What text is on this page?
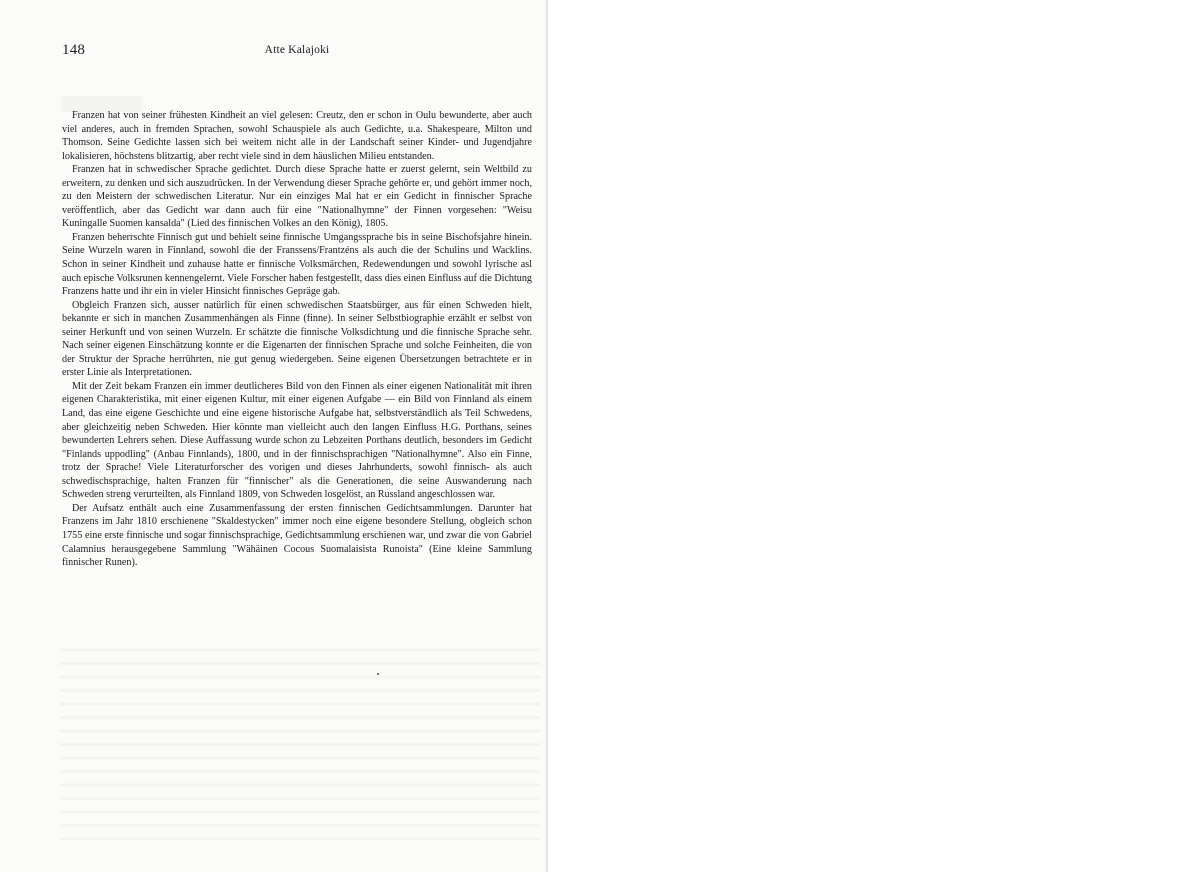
148	Atte Kalajoki

Franzen hat von seiner frühesten Kindheit an viel gelesen: Creutz, den er schon in Oulu bewunderte, aber auch viel anderes, auch in fremden Sprachen, sowohl Schauspiele als auch Gedichte, u.a. Shakespeare, Milton und Thomson. Seine Gedichte lassen sich bei weitem nicht alle in der Landschaft seiner Kinder- und Jugendjahre lokalisieren, höchstens blitzartig, aber recht viele sind in dem häuslichen Milieu entstanden.

Franzen hat in schwedischer Sprache gedichtet. Durch diese Sprache hatte er zuerst gelernt, sein Weltbild zu erweitern, zu denken und sich auszudrücken. In der Verwendung dieser Sprache gehörte er, und gehört immer noch, zu den Meistern der schwedischen Literatur. Nur ein einziges Mal hat er ein Gedicht in finnischer Sprache veröffentlich, aber das Gedicht war dann auch für eine "Nationalhymne" der Finnen vorgesehen: "Weisu Kuningalle Suomen kansalda" (Lied des finnischen Volkes an den König), 1805.

Franzen beherrschte Finnisch gut und behielt seine finnische Umgangssprache bis in seine Bischofsjahre hinein. Seine Wurzeln waren in Finnland, sowohl die der Franssens/Frantzéns als auch die der Schulins und Wacklins. Schon in seiner Kindheit und zuhause hatte er finnische Volksmärchen, Redewendungen und sowohl lyrische asl auch epische Volksrunen kennengelernt. Viele Forscher haben festgestellt, dass dies einen Einfluss auf die Dichtung Franzens hatte und ihr ein in vieler Hinsicht finnisches Gepräge gab.

Obgleich Franzen sich, ausser natürlich für einen schwedischen Staatsbürger, aus für einen Schweden hielt, bekannte er sich in manchen Zusammenhängen als Finne (finne). In seiner Selbstbiographie erzählt er selbst von seiner Herkunft und von seinen Wurzeln. Er schätzte die finnische Volksdichtung und die finnische Sprache sehr. Nach seiner eigenen Einschätzung konnte er die Eigenarten der finnischen Sprache und solche Feinheiten, die von der Struktur der Sprache herrührten, nie gut genug wiedergeben. Seine eigenen Übersetzungen betrachtete er in erster Linie als Interpretationen.

Mit der Zeit bekam Franzen ein immer deutlicheres Bild von den Finnen als einer eigenen Nationalität mit ihren eigenen Charakteristika, mit einer eigenen Kultur, mit einer eigenen Aufgabe — ein Bild von Finnland als einem Land, das eine eigene Geschichte und eine eigene historische Aufgabe hat, selbstverständlich als Teil Schwedens, aber gleichzeitig neben Schweden. Hier könnte man vielleicht auch den langen Einfluss H.G. Porthans, seines bewunderten Lehrers sehen. Diese Auffassung wurde schon zu Lebzeiten Porthans deutlich, besonders im Gedicht "Finlands uppodling" (Anbau Finnlands), 1800, und in der finnischsprachigen "Nationalhymne". Also ein Finne, trotz der Sprache! Viele Literaturforscher des vorigen und dieses Jahrhunderts, sowohl finnisch- als auch schwedischsprachige, halten Franzen für "finnischer" als die Generationen, die seine Auswanderung nach Schweden streng verurteilten, als Finnland 1809, von Schweden losgelöst, an Russland angeschlossen war.

Der Aufsatz enthält auch eine Zusammenfassung der ersten finnischen Gedichtsammlungen. Darunter hat Franzens im Jahr 1810 erschienene "Skaldestycken" immer noch eine eigene besondere Stellung, obgleich schon 1755 eine erste finnische und sogar finnischsprachige, Gedichtsammlung erschienen war, und zwar die von Gabriel Calamnius herausgegebene Sammlung "Wähäinen Cocous Suomalaisista Runoista" (Eine kleine Sammlung finnischer Runen).
